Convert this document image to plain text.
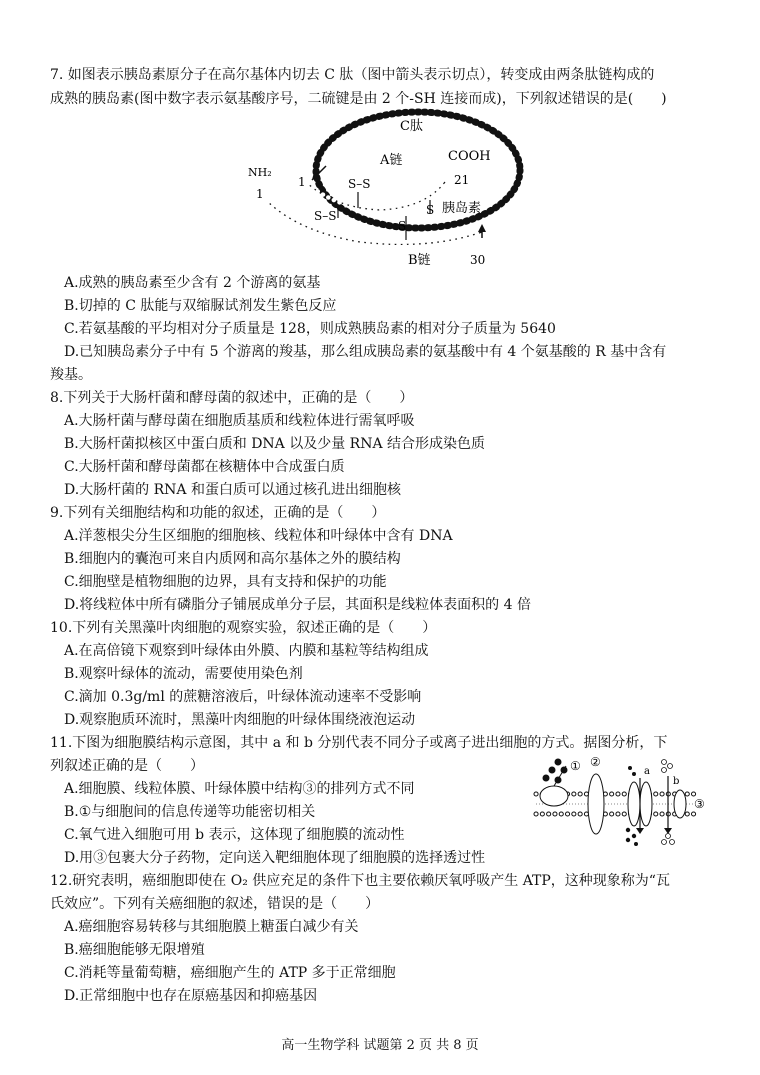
7. 如图表示胰岛素原分子在高尔基体内切去 C 肽（图中箭头表示切点），转变成由两条肽链构成的
成熟的胰岛素(图中数字表示氨基酸序号，二硫键是由 2 个-SH 连接而成)，下列叙述错误的是(　　)
C肽
A链
B链
NH₂
COOH
S–S
S–S	S
S
胰岛素
1
1	21
30
A.成熟的胰岛素至少含有 2 个游离的氨基
B.切掉的 C 肽能与双缩脲试剂发生紫色反应
C.若氨基酸的平均相对分子质量是 128，则成熟胰岛素的相对分子质量为 5640
D.已知胰岛素分子中有 5 个游离的羧基，那么组成胰岛素的氨基酸中有 4 个氨基酸的 R 基中含有
羧基。
8.下列关于大肠杆菌和酵母菌的叙述中，正确的是（　　）
A.大肠杆菌与酵母菌在细胞质基质和线粒体进行需氧呼吸
B.大肠杆菌拟核区中蛋白质和 DNA 以及少量 RNA 结合形成染色质
C.大肠杆菌和酵母菌都在核糖体中合成蛋白质
D.大肠杆菌的 RNA 和蛋白质可以通过核孔进出细胞核
9.下列有关细胞结构和功能的叙述，正确的是（　　）
A.洋葱根尖分生区细胞的细胞核、线粒体和叶绿体中含有 DNA
B.细胞内的囊泡可来自内质网和高尔基体之外的膜结构
C.细胞壁是植物细胞的边界，具有支持和保护的功能
D.将线粒体中所有磷脂分子铺展成单分子层，其面积是线粒体表面积的 4 倍
10.下列有关黑藻叶肉细胞的观察实验，叙述正确的是（　　）
A.在高倍镜下观察到叶绿体由外膜、内膜和基粒等结构组成
B.观察叶绿体的流动，需要使用染色剂
C.滴加 0.3g/ml 的蔗糖溶液后，叶绿体流动速率不受影响
D.观察胞质环流时，黑藻叶肉细胞的叶绿体围绕液泡运动
11.下图为细胞膜结构示意图，其中 a 和 b 分别代表不同分子或离子进出细胞的方式。据图分析，下
列叙述正确的是（　　）
A.细胞膜、线粒体膜、叶绿体膜中结构③的排列方式不同
B.①与细胞间的信息传递等功能密切相关
C.氧气进入细胞可用 b 表示，这体现了细胞膜的流动性
D.用③包裹大分子药物，定向送入靶细胞体现了细胞膜的选择透过性
① ②
③
a
b
12.研究表明，癌细胞即使在 O₂ 供应充足的条件下也主要依赖厌氧呼吸产生 ATP，这种现象称为“瓦
氏效应”。下列有关癌细胞的叙述，错误的是（　　）
A.癌细胞容易转移与其细胞膜上糖蛋白减少有关
B.癌细胞能够无限增殖
C.消耗等量葡萄糖，癌细胞产生的 ATP 多于正常细胞
D.正常细胞中也存在原癌基因和抑癌基因
高一生物学科 试题第 2 页 共 8 页
